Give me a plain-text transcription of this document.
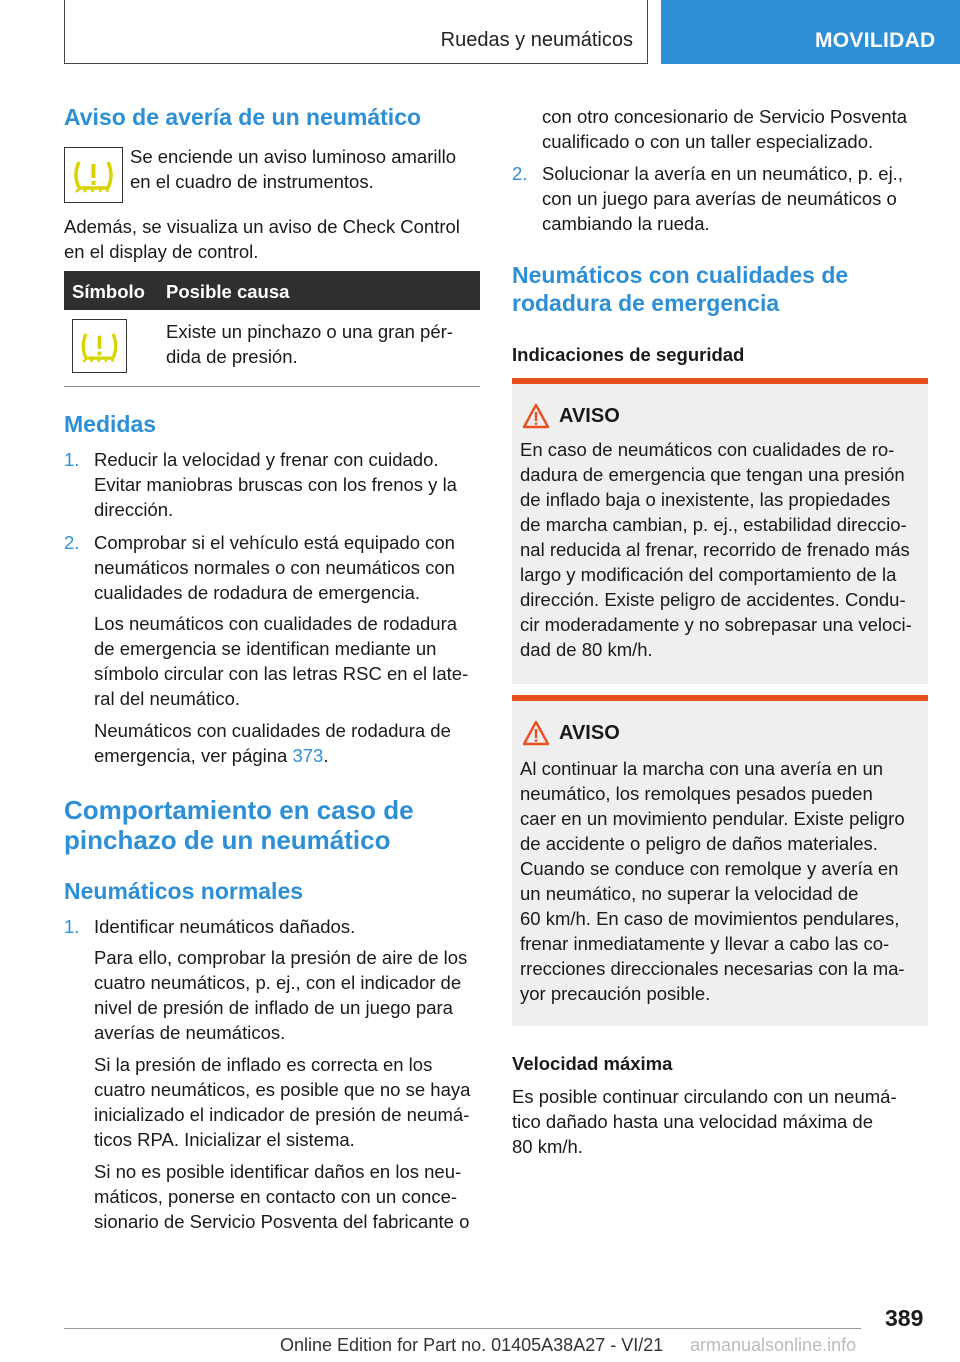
Ruedas y neumáticos	MOVILIDAD
Aviso de avería de un neumático

Se enciende un aviso luminoso amarillo

en el cuadro de instrumentos.

Además, se visualiza un aviso de Check Control

en el display de control.

Símbolo Posible causa

Existe un pinchazo o una gran pér-

dida de presión.

Medidas
1. Reducir la velocidad y frenar con cuidado.

Evitar maniobras bruscas con los frenos y la

dirección.

2. Comprobar si el vehículo está equipado con

neumáticos normales o con neumáticos con

cualidades de rodadura de emergencia.

Los neumáticos con cualidades de rodadura

de emergencia se identifican mediante un

símbolo circular con las letras RSC en el late-

ral del neumático.

Neumáticos con cualidades de rodadura de

emergencia, ver página 373.

Comportamiento en caso de
pinchazo de un neumático
Neumáticos normales
1. Identificar neumáticos dañados.

Para ello, comprobar la presión de aire de los

cuatro neumáticos, p. ej., con el indicador de

nivel de presión de inflado de un juego para

averías de neumáticos.

Si la presión de inflado es correcta en los

cuatro neumáticos, es posible que no se haya

inicializado el indicador de presión de neumá-

ticos RPA. Inicializar el sistema.

Si no es posible identificar daños en los neu-

máticos, ponerse en contacto con un conce-

sionario de Servicio Posventa del fabricante o

con otro concesionario de Servicio Posventa

cualificado o con un taller especializado.

2. Solucionar la avería en un neumático, p. ej.,

con un juego para averías de neumáticos o

cambiando la rueda.

Neumáticos con cualidades de
rodadura de emergencia

Indicaciones de seguridad

AVISO

En caso de neumáticos con cualidades de ro-

dadura de emergencia que tengan una presión

de inflado baja o inexistente, las propiedades

de marcha cambian, p. ej., estabilidad direccio-

nal reducida al frenar, recorrido de frenado más

largo y modificación del comportamiento de la

dirección. Existe peligro de accidentes. Condu-

cir moderadamente y no sobrepasar una veloci-

dad de 80 km/h.

AVISO

Al continuar la marcha con una avería en un

neumático, los remolques pesados pueden

caer en un movimiento pendular. Existe peligro

de accidente o peligro de daños materiales.

Cuando se conduce con remolque y avería en

un neumático, no superar la velocidad de

60 km/h. En caso de movimientos pendulares,

frenar inmediatamente y llevar a cabo las co-

rrecciones direccionales necesarias con la ma-

yor precaución posible.

Velocidad máxima

Es posible continuar circulando con un neumá-

tico dañado hasta una velocidad máxima de

80 km/h.

389
Online Edition for Part no. 01405A38A27 - VI/21 armanualsonline.info
